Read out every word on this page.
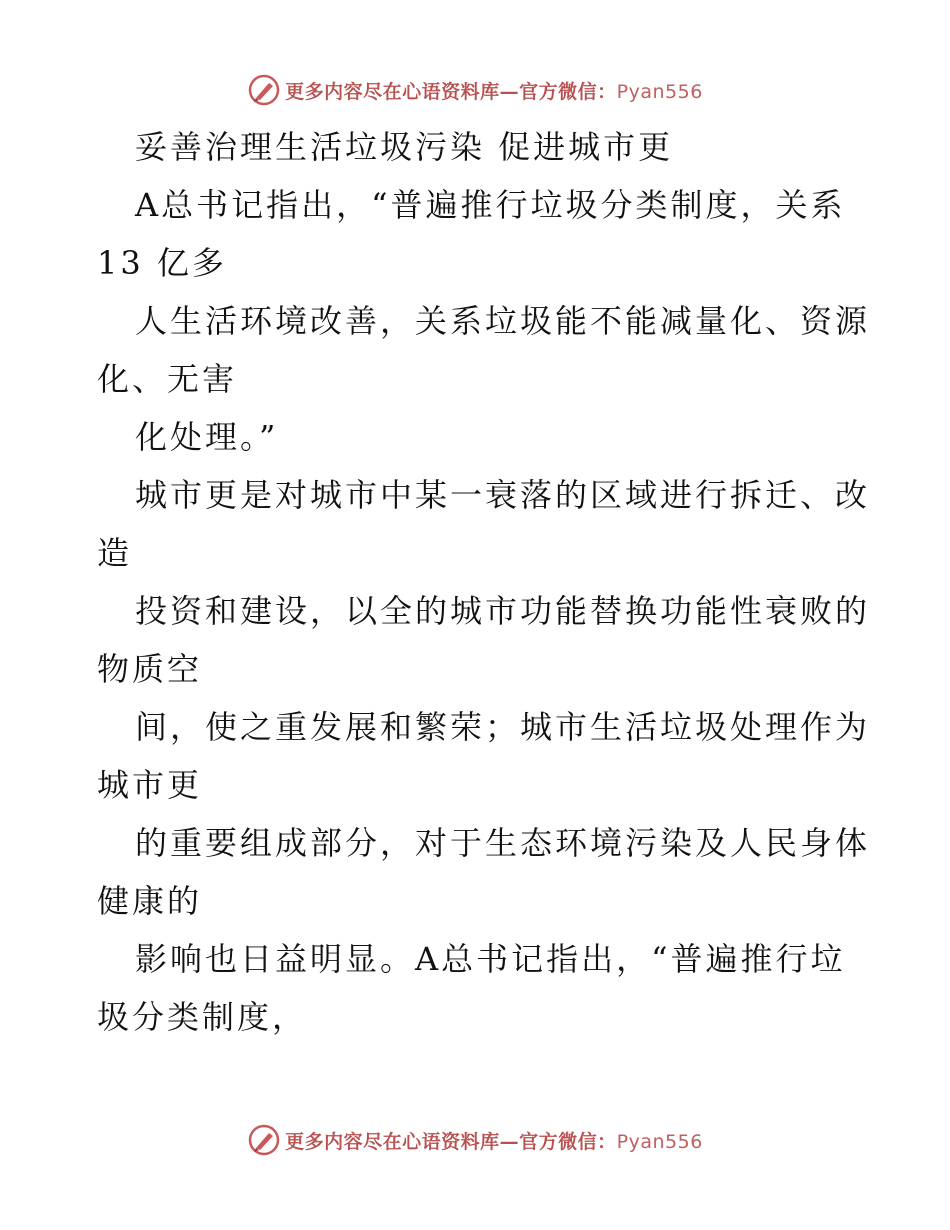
更多内容尽在心语资料库—官方微信：Pyan556
妥善治理生活垃圾污染 促进城市更
A总书记指出，“普遍推行垃圾分类制度，关系
13 亿多
人生活环境改善，关系垃圾能不能减量化、资源
化、无害
化处理。”
城市更是对城市中某一衰落的区域进行拆迁、改
造
投资和建设，以全的城市功能替换功能性衰败的
物质空
间，使之重发展和繁荣；城市生活垃圾处理作为
城市更
的重要组成部分，对于生态环境污染及人民身体
健康的
影响也日益明显。A总书记指出，“普遍推行垃
圾分类制度，
更多内容尽在心语资料库—官方微信：Pyan556
